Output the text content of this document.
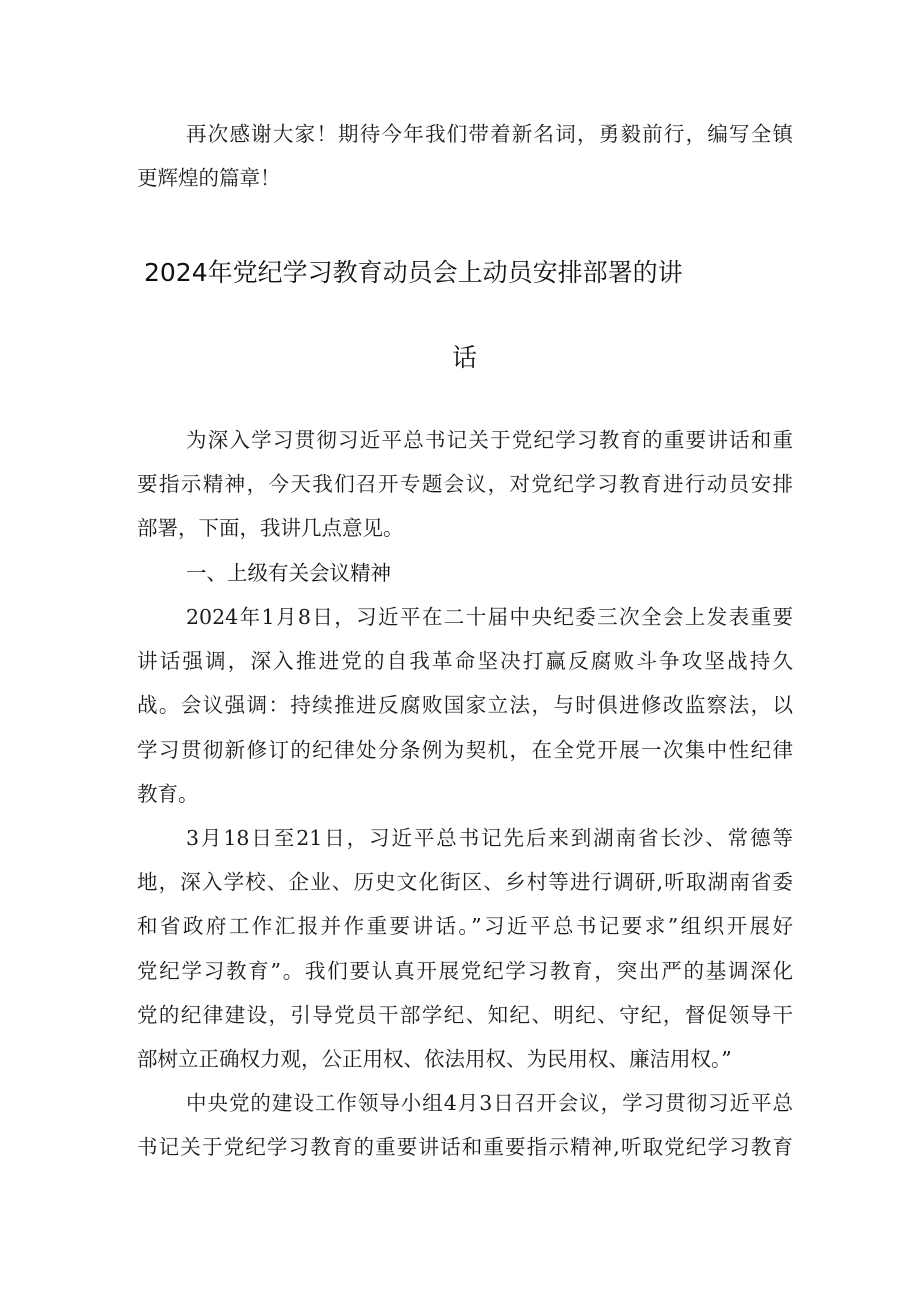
再次感谢大家！期待今年我们带着新名词，勇毅前行，编写全镇
更辉煌的篇章！
2024年党纪学习教育动员会上动员安排部署的讲
话
为深入学习贯彻习近平总书记关于党纪学习教育的重要讲话和重
要指示精神，今天我们召开专题会议，对党纪学习教育进行动员安排
部署，下面，我讲几点意见。
一、上级有关会议精神
2024年1月8日，习近平在二十届中央纪委三次全会上发表重要
讲话强调，深入推进党的自我革命坚决打赢反腐败斗争攻坚战持久
战。会议强调：持续推进反腐败国家立法，与时俱进修改监察法，以
学习贯彻新修订的纪律处分条例为契机，在全党开展一次集中性纪律
教育。
3月18日至21日，习近平总书记先后来到湖南省长沙、常德等
地，深入学校、企业、历史文化街区、乡村等进行调研,听取湖南省委
和省政府工作汇报并作重要讲话。”习近平总书记要求”组织开展好
党纪学习教育”。我们要认真开展党纪学习教育，突出严的基调深化
党的纪律建设，引导党员干部学纪、知纪、明纪、守纪，督促领导干
部树立正确权力观，公正用权、依法用权、为民用权、廉洁用权。”
中央党的建设工作领导小组4月3日召开会议，学习贯彻习近平总
书记关于党纪学习教育的重要讲话和重要指示精神,听取党纪学习教育
